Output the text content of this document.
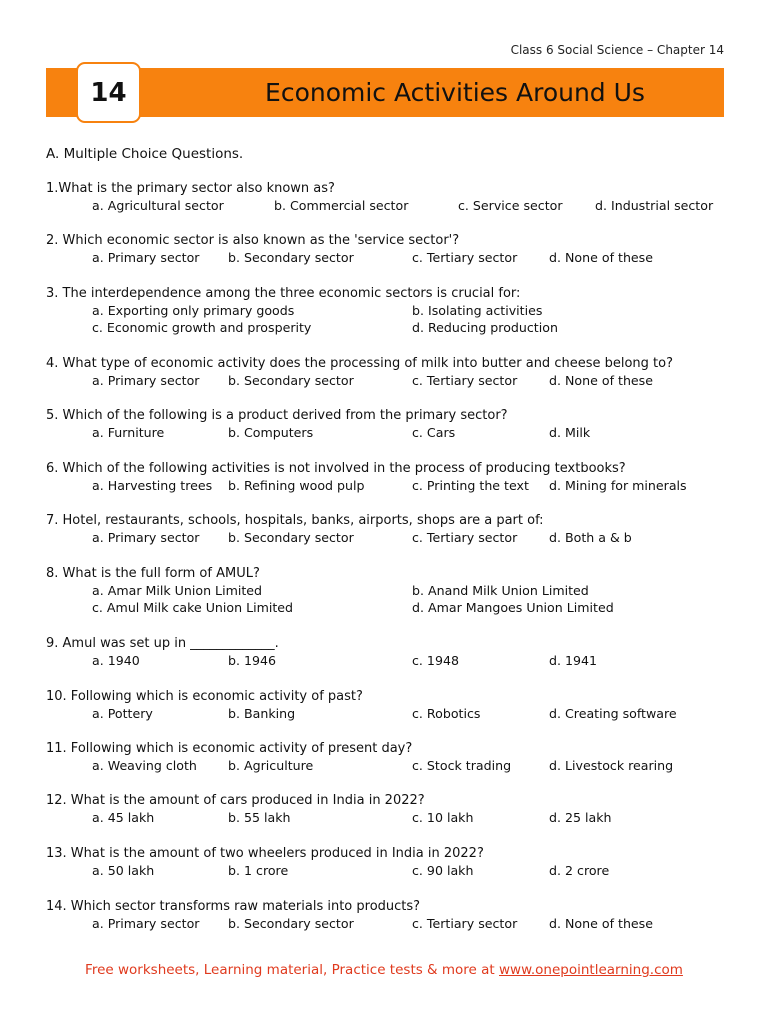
Class 6 Social Science – Chapter 14
Economic Activities Around Us
14
A. Multiple Choice Questions.
1.What is the primary sector also known as?
a. Agricultural sector	b. Commercial sector	c. Service sector	d. Industrial sector
2. Which economic sector is also known as the 'service sector'?
a. Primary sector b. Secondary sector	c. Tertiary sector	d. None of these
3. The interdependence among the three economic sectors is crucial for:
a. Exporting only primary goods	b. Isolating activities
c. Economic growth and prosperity	d. Reducing production
4. What type of economic activity does the processing of milk into butter and cheese belong to?
a. Primary sector b. Secondary sector	c. Tertiary sector	d. None of these
5. Which of the following is a product derived from the primary sector?
a. Furniture	b. Computers	c. Cars	d. Milk
6. Which of the following activities is not involved in the process of producing textbooks?
a. Harvesting trees b. Refining wood pulp	c. Printing the text d. Mining for minerals
7. Hotel, restaurants, schools, hospitals, banks, airports, shops are a part of:
a. Primary sector b. Secondary sector	c. Tertiary sector	d. Both a & b
8. What is the full form of AMUL?
a. Amar Milk Union Limited	b. Anand Milk Union Limited
c. Amul Milk cake Union Limited	d. Amar Mangoes Union Limited
9. Amul was set up in _____________.
a. 1940	b. 1946	c. 1948	d. 1941
10. Following which is economic activity of past?
a. Pottery	b. Banking	c. Robotics	d. Creating software
11. Following which is economic activity of present day?
a. Weaving cloth b. Agriculture	c. Stock trading	d. Livestock rearing
12. What is the amount of cars produced in India in 2022?
a. 45 lakh	b. 55 lakh	c. 10 lakh	d. 25 lakh
13. What is the amount of two wheelers produced in India in 2022?
a. 50 lakh	b. 1 crore	c. 90 lakh	d. 2 crore
14. Which sector transforms raw materials into products?
a. Primary sector b. Secondary sector	c. Tertiary sector	d. None of these
Free worksheets, Learning material, Practice tests & more at www.onepointlearning.com
